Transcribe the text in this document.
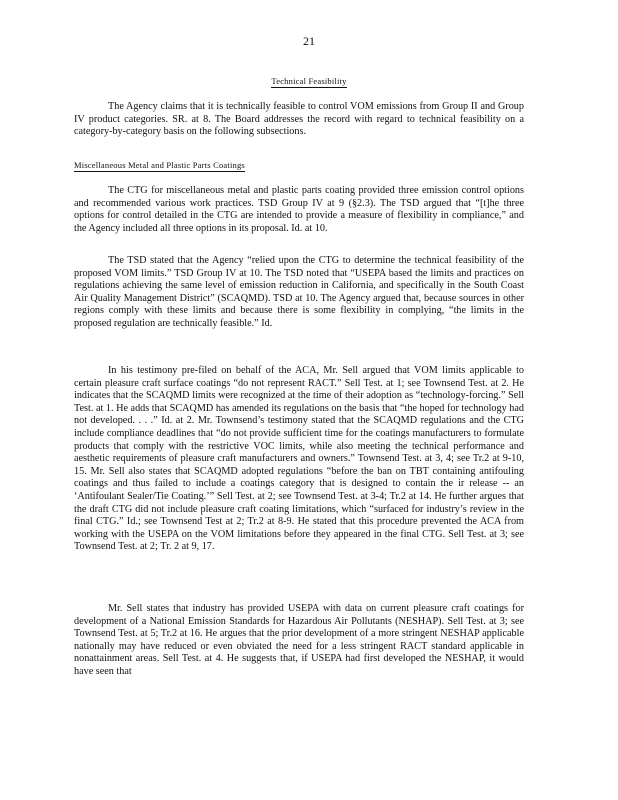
21
Technical Feasibility

The Agency claims that it is technically feasible to control VOM emissions from Group II and Group IV product categories. SR. at 8. The Board addresses the record with regard to technical feasibility on a category-by-category basis on the following subsections.

Miscellaneous Metal and Plastic Parts Coatings

The CTG for miscellaneous metal and plastic parts coating provided three emission control options and recommended various work practices. TSD Group IV at 9 (§2.3). The TSD argued that “[t]he three options for control detailed in the CTG are intended to provide a measure of flexibility in compliance,” and the Agency included all three options in its proposal. Id. at 10.

The TSD stated that the Agency “relied upon the CTG to determine the technical feasibility of the proposed VOM limits.” TSD Group IV at 10. The TSD noted that “USEPA based the limits and practices on regulations achieving the same level of emission reduction in California, and specifically in the South Coast Air Quality Management District” (SCAQMD). TSD at 10. The Agency argued that, because sources in other regions comply with these limits and because there is some flexibility in complying, “the limits in the proposed regulation are technically feasible.” Id.

In his testimony pre-filed on behalf of the ACA, Mr. Sell argued that VOM limits applicable to certain pleasure craft surface coatings “do not represent RACT.” Sell Test. at 1; see Townsend Test. at 2. He indicates that the SCAQMD limits were recognized at the time of their adoption as “technology-forcing.” Sell Test. at 1. He adds that SCAQMD has amended its regulations on the basis that “the hoped for technology had not developed. . . .” Id. at 2. Mr. Townsend’s testimony stated that the SCAQMD regulations and the CTG include compliance deadlines that “do not provide sufficient time for the coatings manufacturers to formulate products that comply with the restrictive VOC limits, while also meeting the technical performance and aesthetic requirements of pleasure craft manufacturers and owners.” Townsend Test. at 3, 4; see Tr.2 at 9-10, 15. Mr. Sell also states that SCAQMD adopted regulations “before the ban on TBT containing antifouling coatings and thus failed to include a coatings category that is designed to contain the ir release -- an ‘Antifoulant Sealer/Tie Coating.’” Sell Test. at 2; see Townsend Test. at 3-4; Tr.2 at 14. He further argues that the draft CTG did not include pleasure craft coating limitations, which “surfaced for industry’s review in the final CTG.” Id.; see Townsend Test at 2; Tr.2 at 8-9. He stated that this procedure prevented the ACA from working with the USEPA on the VOM limitations before they appeared in the final CTG. Sell Test. at 3; see Townsend Test. at 2; Tr. 2 at 9, 17.

Mr. Sell states that industry has provided USEPA with data on current pleasure craft coatings for development of a National Emission Standards for Hazardous Air Pollutants (NESHAP). Sell Test. at 3; see Townsend Test. at 5; Tr.2 at 16. He argues that the prior development of a more stringent NESHAP applicable nationally may have reduced or even obviated the need for a less stringent RACT standard applicable in nonattainment areas. Sell Test. at 4. He suggests that, if USEPA had first developed the NESHAP, it would have seen that
